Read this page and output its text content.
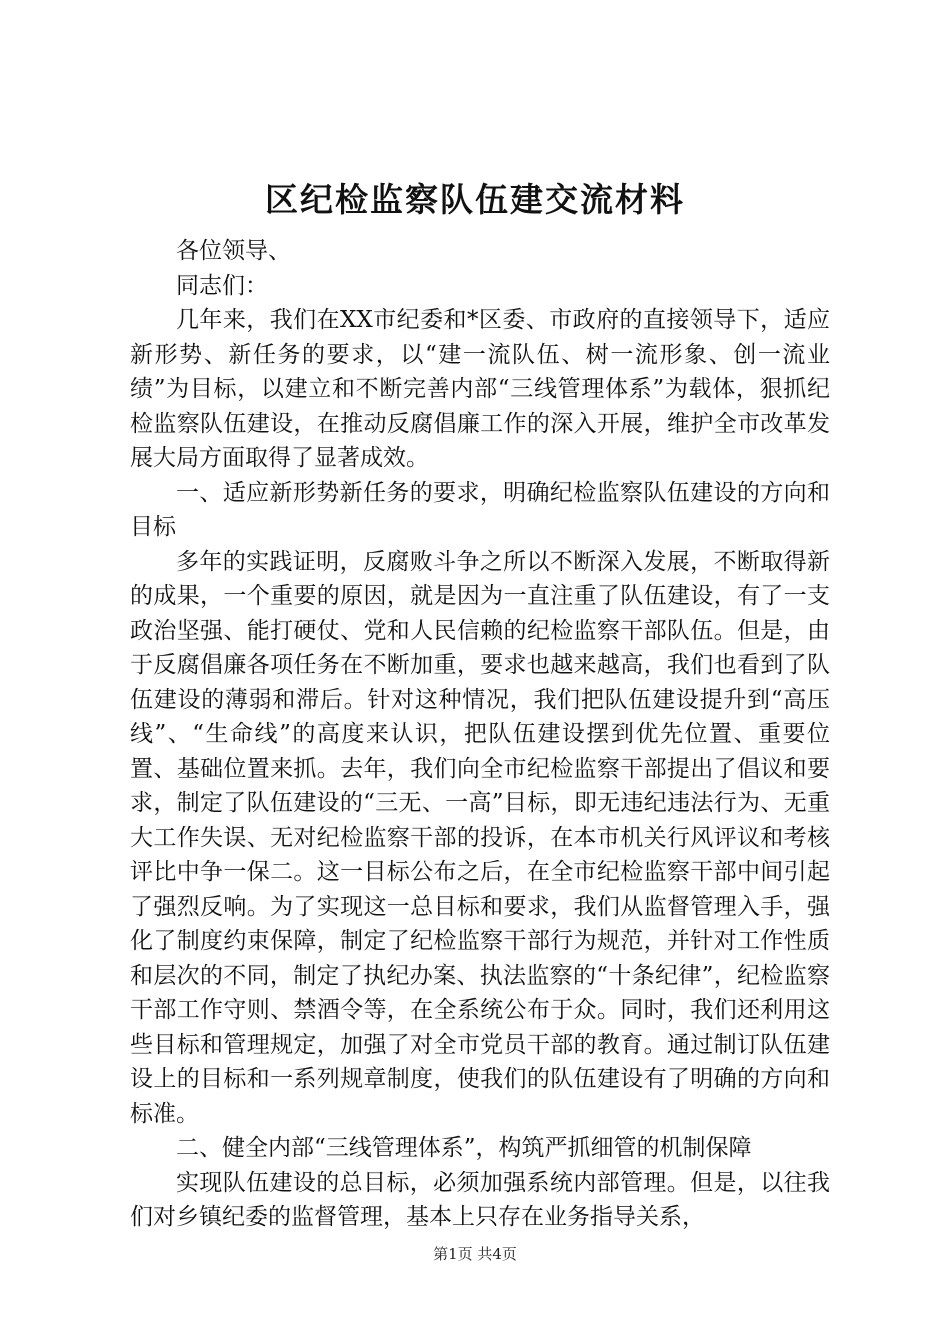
区纪检监察队伍建交流材料

各位领导、

同志们：

几年来，我们在XX市纪委和*区委、市政府的直接领导下，适应新形势、新任务的要求，以“建一流队伍、树一流形象、创一流业绩”为目标，以建立和不断完善内部“三线管理体系”为载体，狠抓纪检监察队伍建设，在推动反腐倡廉工作的深入开展，维护全市改革发展大局方面取得了显著成效。

一、适应新形势新任务的要求，明确纪检监察队伍建设的方向和目标

多年的实践证明，反腐败斗争之所以不断深入发展，不断取得新的成果，一个重要的原因，就是因为一直注重了队伍建设，有了一支政治坚强、能打硬仗、党和人民信赖的纪检监察干部队伍。但是，由于反腐倡廉各项任务在不断加重，要求也越来越高，我们也看到了队伍建设的薄弱和滞后。针对这种情况，我们把队伍建设提升到“高压线”、“生命线”的高度来认识，把队伍建设摆到优先位置、重要位置、基础位置来抓。去年，我们向全市纪检监察干部提出了倡议和要求，制定了队伍建设的“三无、一高”目标，即无违纪违法行为、无重大工作失误、无对纪检监察干部的投诉，在本市机关行风评议和考核评比中争一保二。这一目标公布之后，在全市纪检监察干部中间引起了强烈反响。为了实现这一总目标和要求，我们从监督管理入手，强化了制度约束保障，制定了纪检监察干部行为规范，并针对工作性质和层次的不同，制定了执纪办案、执法监察的“十条纪律”，纪检监察干部工作守则、禁酒令等，在全系统公布于众。同时，我们还利用这些目标和管理规定，加强了对全市党员干部的教育。通过制订队伍建设上的目标和一系列规章制度，使我们的队伍建设有了明确的方向和标准。

二、健全内部“三线管理体系”，构筑严抓细管的机制保障

实现队伍建设的总目标，必须加强系统内部管理。但是，以往我们对乡镇纪委的监督管理，基本上只存在业务指导关系，

第1页 共4页
